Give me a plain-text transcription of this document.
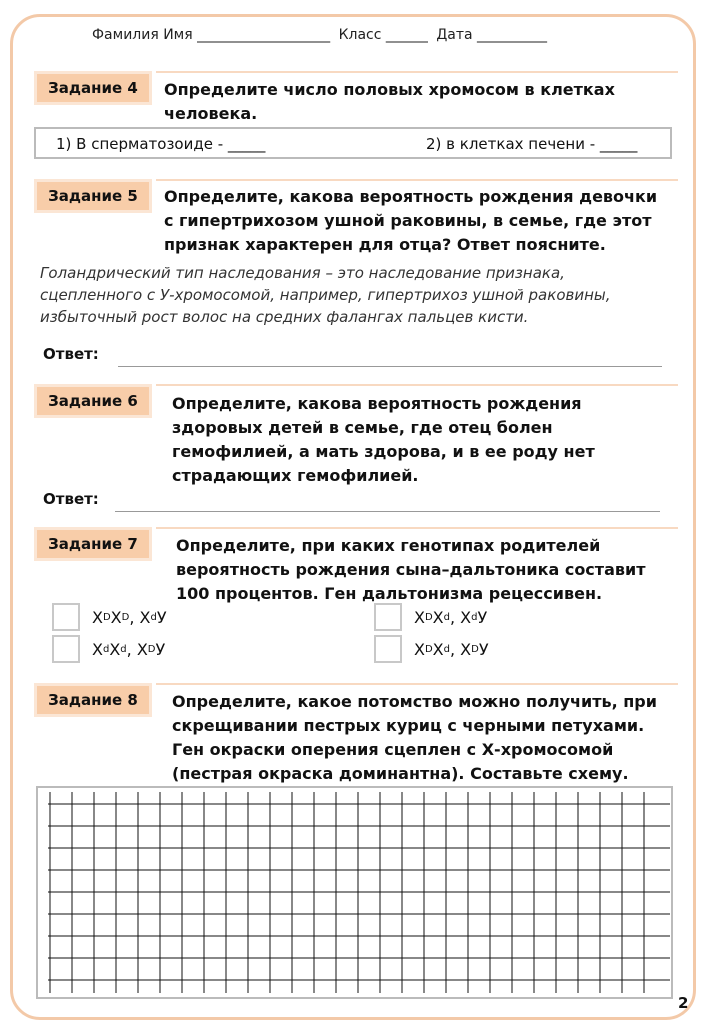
Фамилия Имя ___________________ Класс ______ Дата __________
Задание 4	Определите число половых хромосом в клетках
человека.
1) В сперматозоиде - _____	2) в клетках печени - _____
Задание 5	Определите, какова вероятность рождения девочки
с гипертрихозом ушной раковины, в семье, где этот
признак характерен для отца? Ответ поясните.
Голандрический тип наследования – это наследование признака,
сцепленного с У-хромосомой, например, гипертрихоз ушной раковины,
избыточный рост волос на средних фалангах пальцев кисти.
Ответ:
Задание 6	Определите, какова вероятность рождения
здоровых детей в семье, где отец болен
гемофилией, а мать здорова, и в ее роду нет
страдающих гемофилией.
Ответ:
Задание 7	Определите, при каких генотипах родителей
вероятность рождения сына–дальтоника составит
100 процентов. Ген дальтонизма рецессивен.
X D X D , X d У
X d X d , X D У
X D X d , X d У
X D X d , X D У
Задание 8	Определите, какое потомство можно получить, при
скрещивании пестрых куриц с черными петухами.
Ген окраски оперения сцеплен с Х-хромосомой
(пестрая окраска доминантна). Составьте схему.
2
